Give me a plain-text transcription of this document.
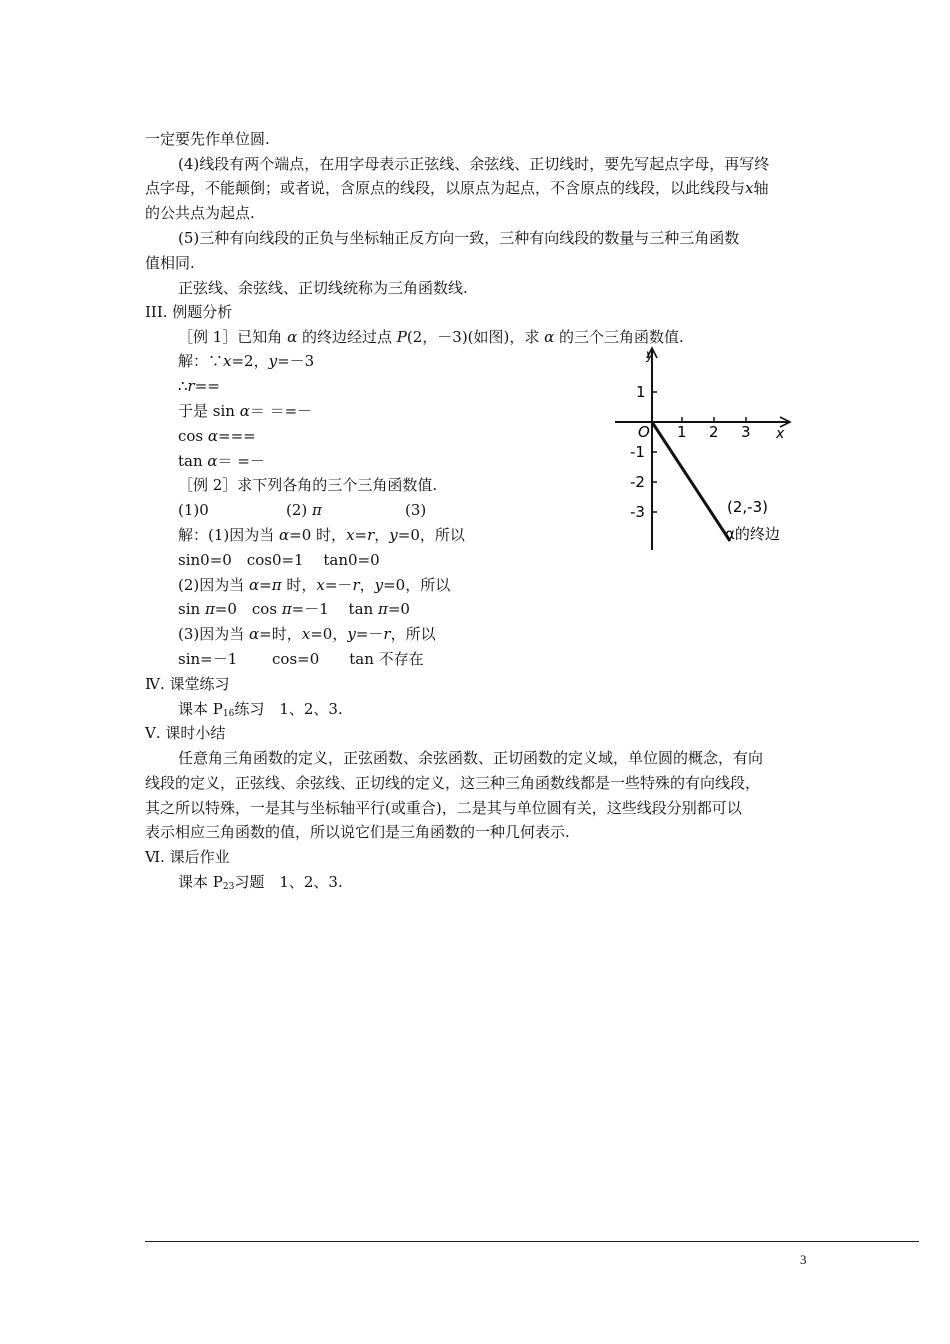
一定要先作单位圆.
(4)线段有两个端点，在用字母表示正弦线、余弦线、正切线时，要先写起点字母，再写终
点字母，不能颠倒；或者说，含原点的线段，以原点为起点，不含原点的线段，以此线段与x轴
的公共点为起点.
(5)三种有向线段的正负与坐标轴正反方向一致，三种有向线段的数量与三种三角函数
值相同.
正弦线、余弦线、正切线统称为三角函数线.
III. 例题分析
［例 1］已知角 α 的终边经过点 P(2，－3)(如图)，求 α 的三个三角函数值.
解：∵x=2，y=－3
∴r==
于是 sin α＝ ＝=－
cos α===
tan α＝ =－
［例 2］求下列各角的三个三角函数值.
(1)0	(2) π	(3)
解：(1)因为当 α=0 时，x=r，y=0，所以
sin0=0　cos0=1　 tan0=0
(2)因为当 α=π 时，x=－r，y=0，所以
sin π=0　cos π=－1　 tan π=0
(3)因为当 α=时，x=0，y=－r，所以
sin=－1　　 cos=0　　tan 不存在
Ⅳ. 课堂练习
课本 $P_{16}$练习　1、2、3.
Ⅴ. 课时小结
任意角三角函数的定义，正弦函数、余弦函数、正切函数的定义域，单位圆的概念，有向
线段的定义，正弦线、余弦线、正切线的定义，这三种三角函数线都是一些特殊的有向线段，
其之所以特殊，一是其与坐标轴平行(或重合)，二是其与单位圆有关，这些线段分别都可以
表示相应三角函数的值，所以说它们是三角函数的一种几何表示.
Ⅵ. 课后作业
课本 $P_{23}$习题　1、2、3.
y
x
O 1 2 3
1
-1
-2
-3	(2,-3)
α的终边
3
